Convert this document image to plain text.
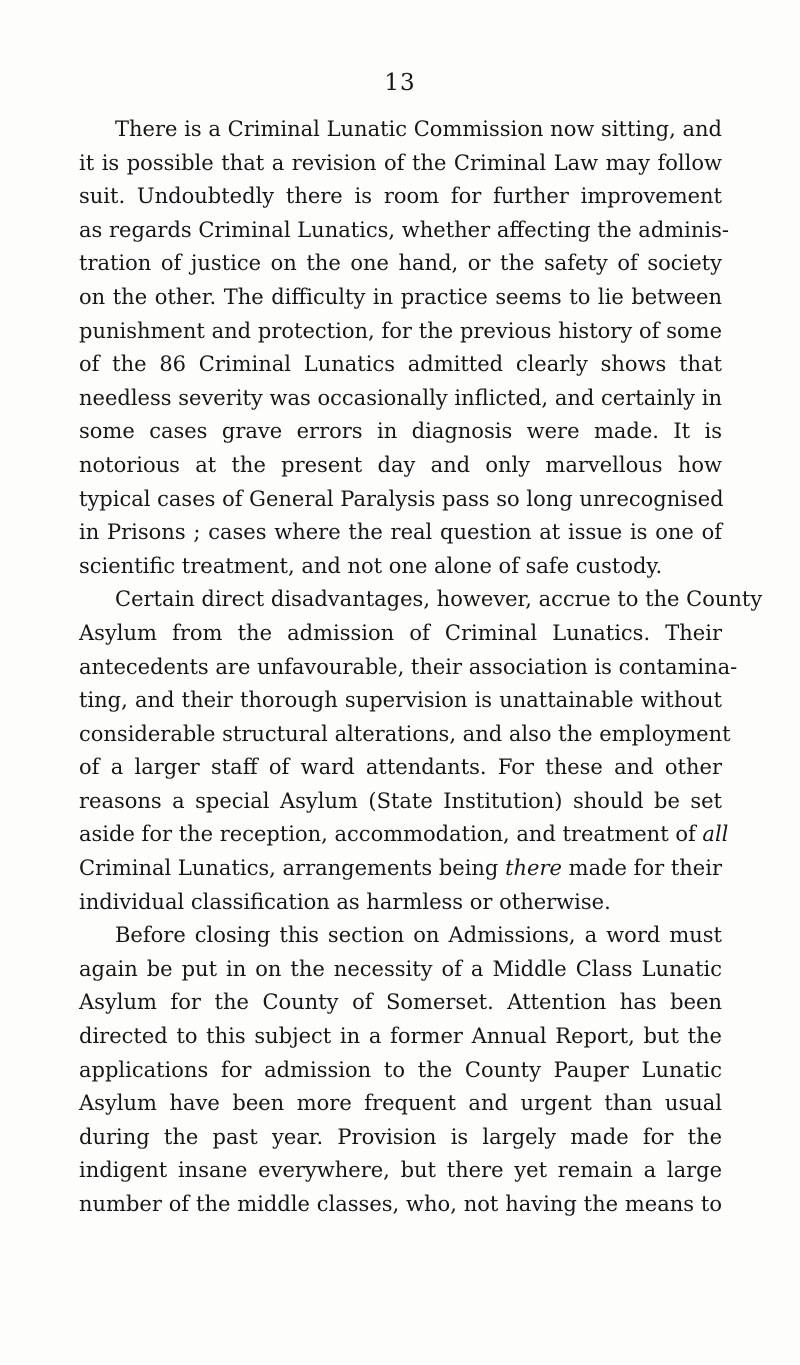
13
There is a Criminal Lunatic Commission now sitting, and
it is possible that a revision of the Criminal Law may follow
suit. Undoubtedly there is room for further improvement
as regards Criminal Lunatics, whether affecting the adminis-
tration of justice on the one hand, or the safety of society
on the other. The difficulty in practice seems to lie between
punishment and protection, for the previous history of some
of the 86 Criminal Lunatics admitted clearly shows that
needless severity was occasionally inflicted, and certainly in
some cases grave errors in diagnosis were made. It is
notorious at the present day and only marvellous how
typical cases of General Paralysis pass so long unrecognised
in Prisons ; cases where the real question at issue is one of
scientific treatment, and not one alone of safe custody.
Certain direct disadvantages, however, accrue to the County
Asylum from the admission of Criminal Lunatics. Their
antecedents are unfavourable, their association is contamina-
ting, and their thorough supervision is unattainable without
considerable structural alterations, and also the employment
of a larger staff of ward attendants. For these and other
reasons a special Asylum (State Institution) should be set
aside for the reception, accommodation, and treatment of all
Criminal Lunatics, arrangements being there made for their
individual classification as harmless or otherwise.
Before closing this section on Admissions, a word must
again be put in on the necessity of a Middle Class Lunatic
Asylum for the County of Somerset. Attention has been
directed to this subject in a former Annual Report, but the
applications for admission to the County Pauper Lunatic
Asylum have been more frequent and urgent than usual
during the past year. Provision is largely made for the
indigent insane everywhere, but there yet remain a large
number of the middle classes, who, not having the means to
